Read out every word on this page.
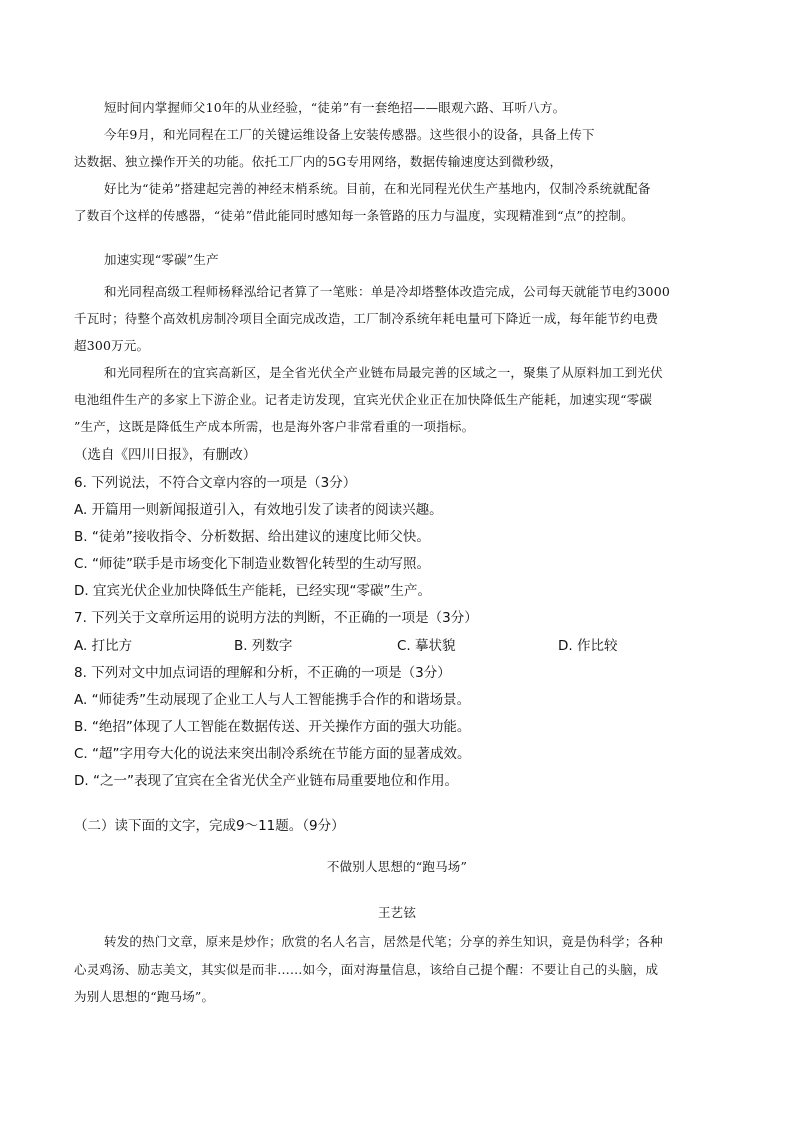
短时间内掌握师父10年的从业经验，“徒弟”有一套绝招——眼观六路、耳听八方。
今年9月，和光同程在工厂的关键运维设备上安装传感器。这些很小的设备，具备上传下
达数据、独立操作开关的功能。依托工厂内的5G专用网络，数据传输速度达到微秒级，
好比为“徒弟”搭建起完善的神经末梢系统。目前，在和光同程光伏生产基地内，仅制冷系统就配备
了数百个这样的传感器，“徒弟”借此能同时感知每一条管路的压力与温度，实现精准到“点”的控制。
加速实现“零碳”生产
和光同程高级工程师杨释泓给记者算了一笔账：单是冷却塔整体改造完成，公司每天就能节电约3000
千瓦时；待整个高效机房制冷项目全面完成改造，工厂制冷系统年耗电量可下降近一成，每年能节约电费
超300万元。
和光同程所在的宜宾高新区，是全省光伏全产业链布局最完善的区域之一，聚集了从原料加工到光伏
电池组件生产的多家上下游企业。记者走访发现，宜宾光伏企业正在加快降低生产能耗，加速实现“零碳
”生产，这既是降低生产成本所需，也是海外客户非常看重的一项指标。
（选自《四川日报》，有删改）
6. 下列说法，不符合文章内容的一项是（3分）
A. 开篇用一则新闻报道引入，有效地引发了读者的阅读兴趣。
B. “徒弟”接收指令、分析数据、给出建议的速度比师父快。
C. “师徒”联手是市场变化下制造业数智化转型的生动写照。
D. 宜宾光伏企业加快降低生产能耗，已经实现“零碳”生产。
7. 下列关于文章所运用的说明方法的判断，不正确的一项是（3分）
A. 打比方	B. 列数字	C. 摹状貌	D. 作比较
8. 下列对文中加点词语的理解和分析，不正确的一项是（3分）
A. “师徒秀”生动展现了企业工人与人工智能携手合作的和谐场景。
B. “绝招”体现了人工智能在数据传送、开关操作方面的强大功能。
C. “超”字用夸大化的说法来突出制冷系统在节能方面的显著成效。
D. “之一”表现了宜宾在全省光伏全产业链布局重要地位和作用。
（二）读下面的文字，完成9～11题。（9分）
不做别人思想的“跑马场”
王艺铉
转发的热门文章，原来是炒作；欣赏的名人名言，居然是代笔；分享的养生知识，竟是伪科学；各种
心灵鸡汤、励志美文，其实似是而非……如今，面对海量信息，该给自己提个醒：不要让自己的头脑，成
为别人思想的“跑马场”。
